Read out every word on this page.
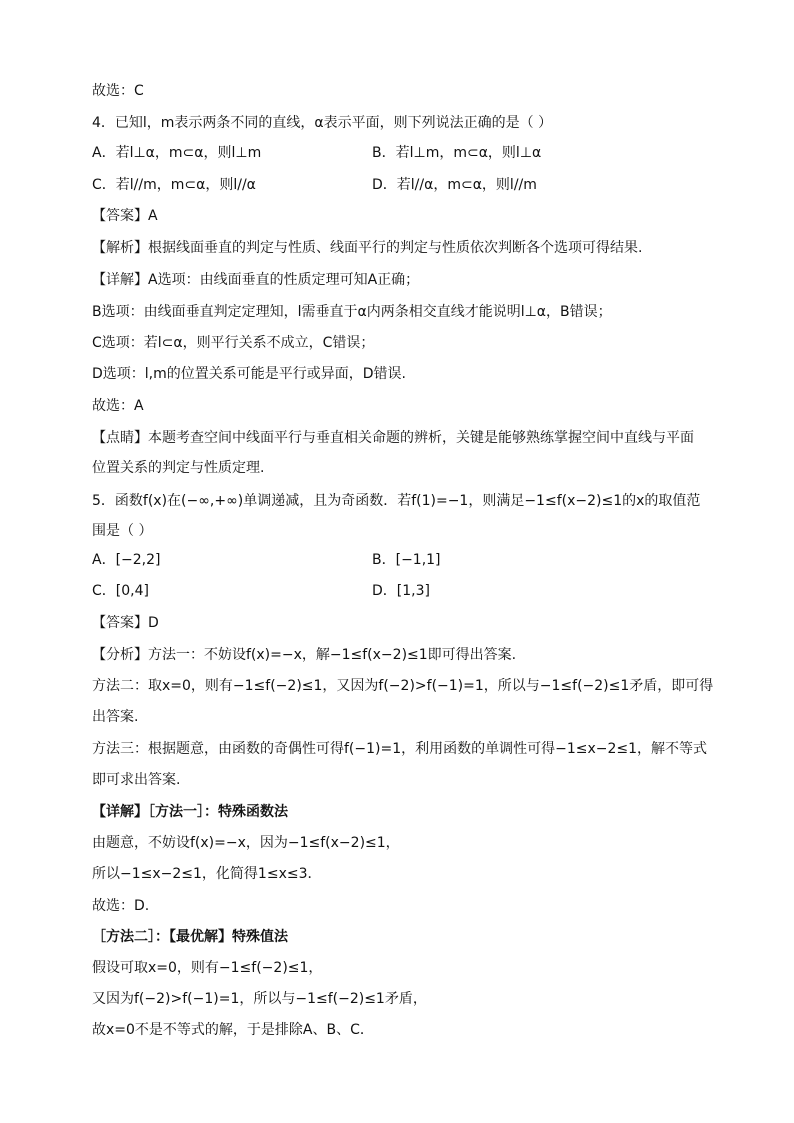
故选：C
4．已知l，m表示两条不同的直线，α表示平面，则下列说法正确的是（ ）
A．若l⊥α，m⊂α，则l⊥m	B．若l⊥m，m⊂α，则l⊥α
C．若l//m，m⊂α，则l//α	D．若l//α，m⊂α，则l//m
【答案】A
【解析】根据线面垂直的判定与性质、线面平行的判定与性质依次判断各个选项可得结果.
【详解】A选项：由线面垂直的性质定理可知A正确；
B选项：由线面垂直判定定理知，l需垂直于α内两条相交直线才能说明l⊥α，B错误；
C选项：若l⊂α，则平行关系不成立，C错误；
D选项：l,m的位置关系可能是平行或异面，D错误.
故选：A
【点睛】本题考查空间中线面平行与垂直相关命题的辨析，关键是能够熟练掌握空间中直线与平面
位置关系的判定与性质定理.
5．函数f(x)在(−∞,+∞)单调递减，且为奇函数．若f(1)=−1，则满足−1≤f(x−2)≤1的x的取值范
围是（ ）
A．[−2,2]	B．[−1,1]
C．[0,4]	D．[1,3]
【答案】D
【分析】方法一：不妨设f(x)=−x，解−1≤f(x−2)≤1即可得出答案.
方法二：取x=0，则有−1≤f(−2)≤1，又因为f(−2)>f(−1)=1，所以与−1≤f(−2)≤1矛盾，即可得
出答案.
方法三：根据题意，由函数的奇偶性可得f(−1)=1，利用函数的单调性可得−1≤x−2≤1，解不等式
即可求出答案.
【详解】［方法一］：特殊函数法
由题意，不妨设f(x)=−x，因为−1≤f(x−2)≤1，
所以−1≤x−2≤1，化简得1≤x≤3．
故选：D.
［方法二］：【最优解】特殊值法
假设可取x=0，则有−1≤f(−2)≤1，
又因为f(−2)>f(−1)=1，所以与−1≤f(−2)≤1矛盾，
故x=0不是不等式的解，于是排除A、B、C．
